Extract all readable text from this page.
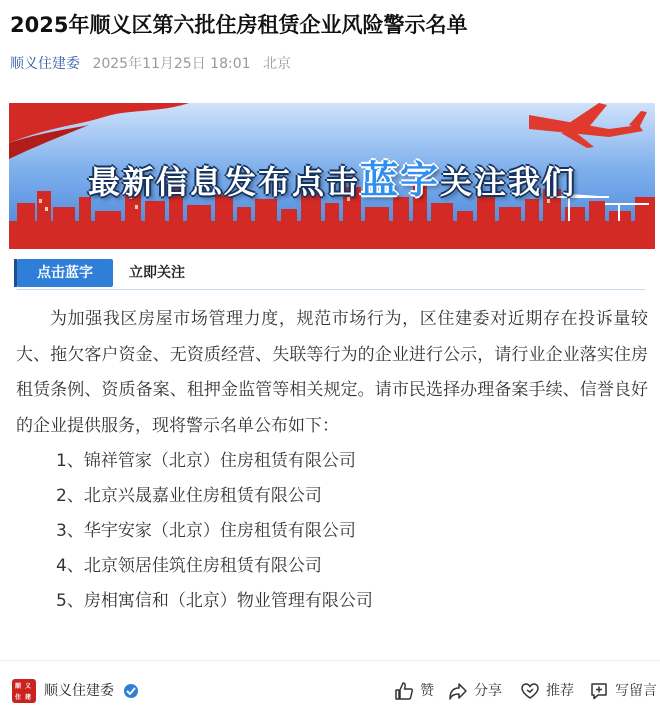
2025年顺义区第六批住房租赁企业风险警示名单
顺义住建委 2025年11月25日 18:01 北京
最新信息发布点击蓝字关注我们
点击蓝字	立即关注

为加强我区房屋市场管理力度，规范市场行为，区住建委对近期存在投诉量较大、拖欠客户资金、无资质经营、失联等行为的企业进行公示，请行业企业落实住房租赁条例、资质备案、租押金监管等相关规定。请市民选择办理备案手续、信誉良好的企业提供服务，现将警示名单公布如下：

1、锦祥管家（北京）住房租赁有限公司
2、北京兴晟嘉业住房租赁有限公司
3、华宇安家（北京）住房租赁有限公司
4、北京领居佳筑住房租赁有限公司
5、房相寓信和（北京）物业管理有限公司
顺 义
住 建 顺义住建委	赞	分享	推荐	写留言
